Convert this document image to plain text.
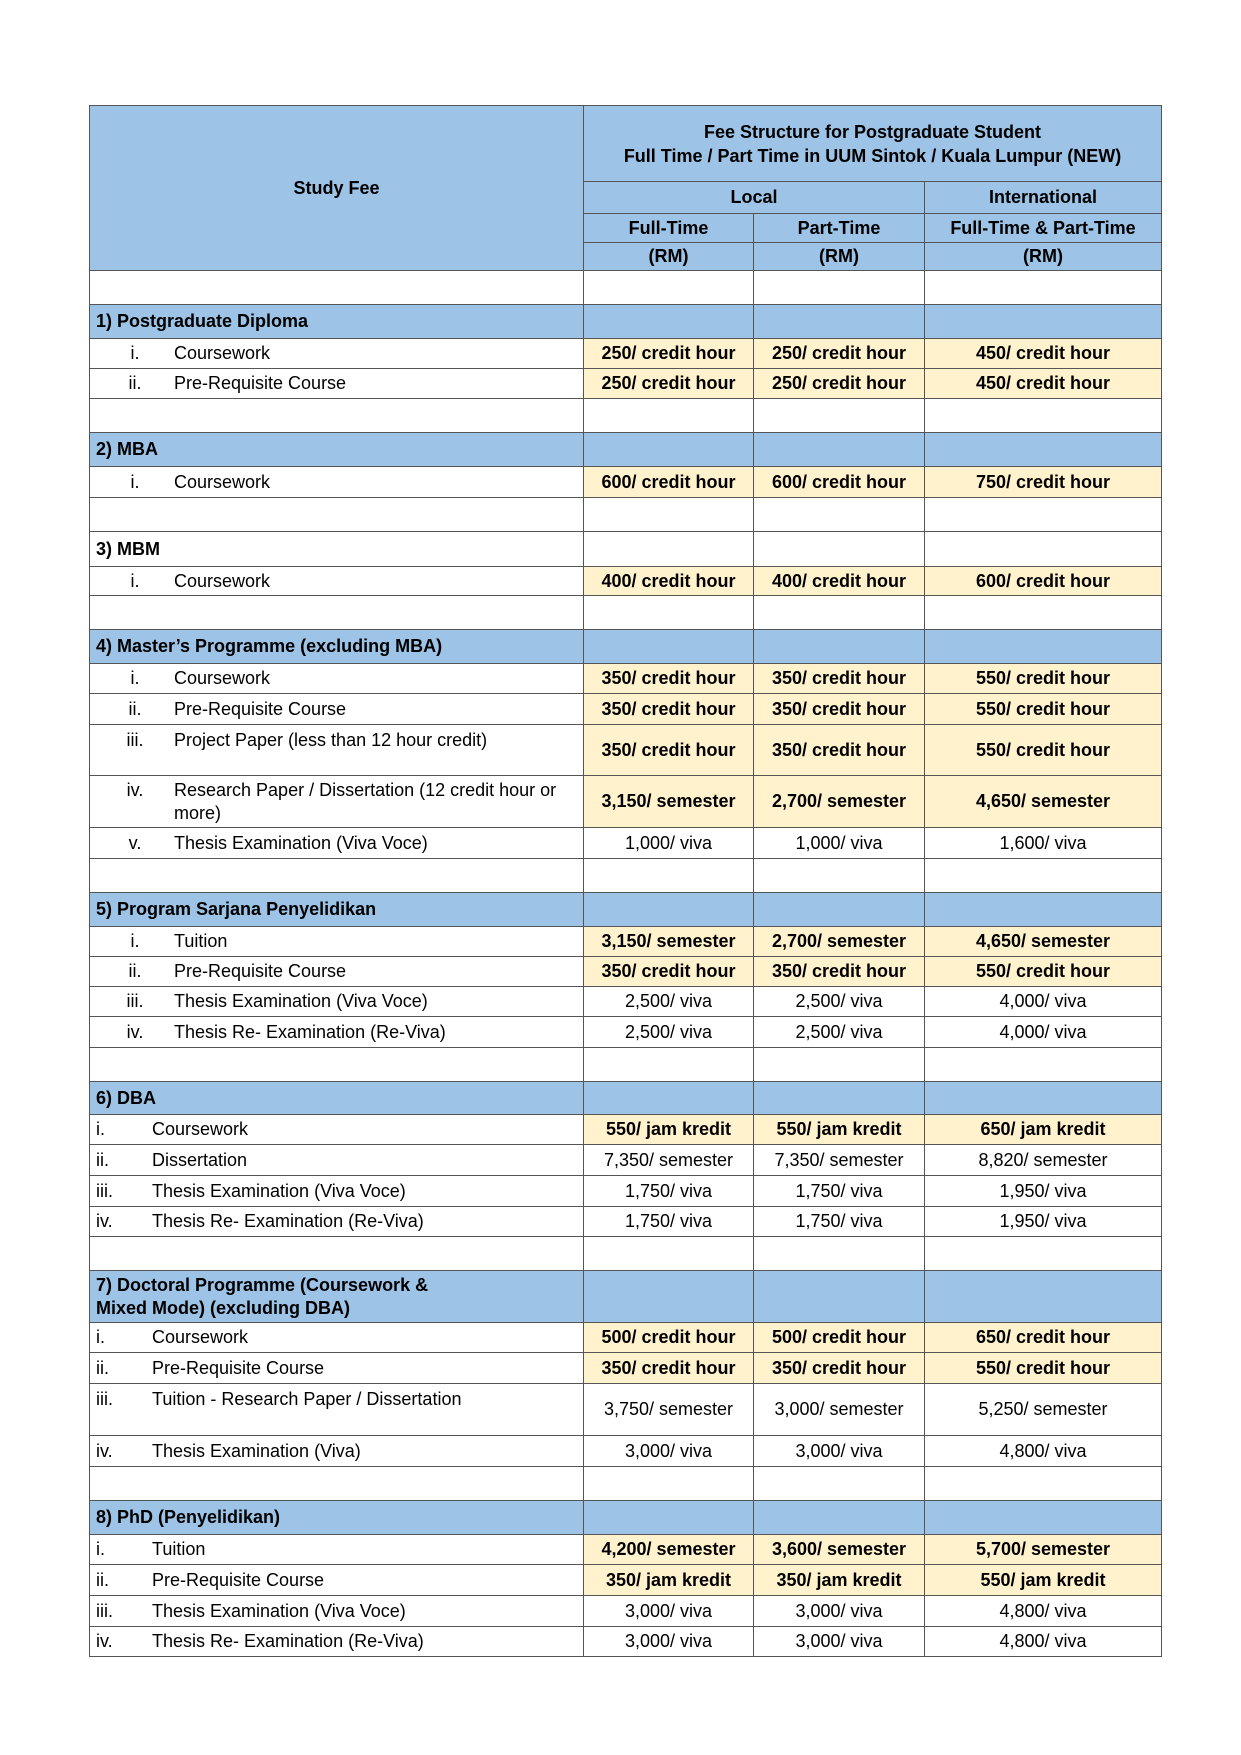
Study Fee	Fee Structure for Postgraduate Student
Full Time / Part Time in UUM Sintok / Kuala Lumpur (NEW)		

	Local		International
	Full-Time	Part-Time	Full-Time & Part-Time
	(RM)	(RM)	(RM)

1) Postgraduate Diploma			

i. Coursework	250/ credit hour	250/ credit hour	450/ credit hour

ii. Pre-Requisite Course	250/ credit hour	250/ credit hour	450/ credit hour

2) MBA			

i. Coursework	600/ credit hour	600/ credit hour	750/ credit hour

3) MBM			

i. Coursework	400/ credit hour	400/ credit hour	600/ credit hour

4) Master’s Programme (excluding MBA)			

i. Coursework	350/ credit hour	350/ credit hour	550/ credit hour

ii. Pre-Requisite Course	350/ credit hour	350/ credit hour	550/ credit hour

iii. Project Paper (less than 12 hour credit)	350/ credit hour	350/ credit hour	550/ credit hour

iv. Research Paper / Dissertation (12 credit hour or more)	3,150/ semester	2,700/ semester	4,650/ semester

v. Thesis Examination (Viva Voce)	1,000/ viva	1,000/ viva	1,600/ viva

5) Program Sarjana Penyelidikan			

i. Tuition	3,150/ semester	2,700/ semester	4,650/ semester

ii. Pre-Requisite Course	350/ credit hour	350/ credit hour	550/ credit hour

iii. Thesis Examination (Viva Voce)	2,500/ viva	2,500/ viva	4,000/ viva

iv. Thesis Re- Examination (Re-Viva)	2,500/ viva	2,500/ viva	4,000/ viva

6) DBA			

i. Coursework	550/ jam kredit	550/ jam kredit	650/ jam kredit

ii. Dissertation	7,350/ semester	7,350/ semester	8,820/ semester

iii. Thesis Examination (Viva Voce)	1,750/ viva	1,750/ viva	1,950/ viva

iv. Thesis Re- Examination (Re-Viva)	1,750/ viva	1,750/ viva	1,950/ viva

7) Doctoral Programme (Coursework &
Mixed Mode) (excluding DBA)			

i. Coursework	500/ credit hour	500/ credit hour	650/ credit hour

ii. Pre-Requisite Course	350/ credit hour	350/ credit hour	550/ credit hour

iii. Tuition - Research Paper / Dissertation	3,750/ semester	3,000/ semester	5,250/ semester

iv. Thesis Examination (Viva)	3,000/ viva	3,000/ viva	4,800/ viva

8) PhD (Penyelidikan)			

i. Tuition	4,200/ semester	3,600/ semester	5,700/ semester

ii. Pre-Requisite Course	350/ jam kredit	350/ jam kredit	550/ jam kredit

iii. Thesis Examination (Viva Voce)	3,000/ viva	3,000/ viva	4,800/ viva

iv. Thesis Re- Examination (Re-Viva)	3,000/ viva	3,000/ viva	4,800/ viva
